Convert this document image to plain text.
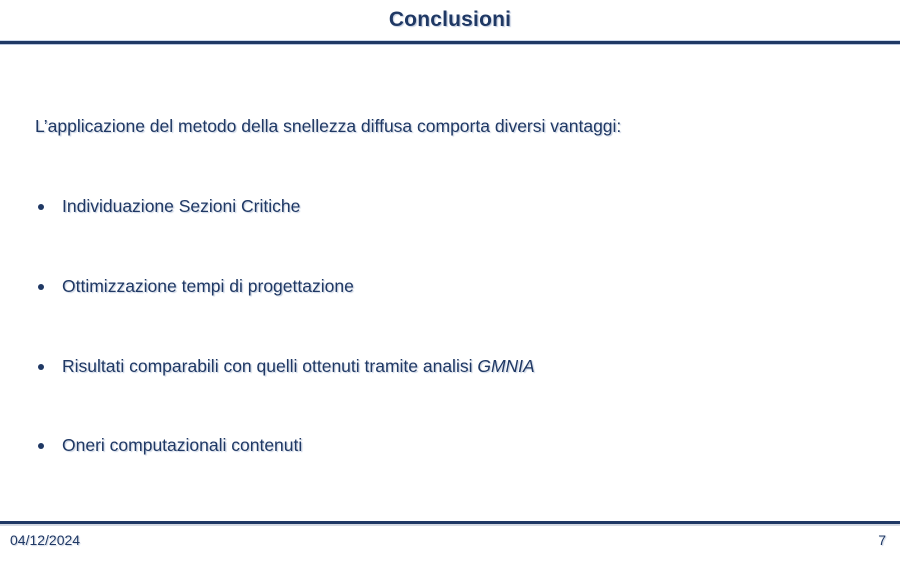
Conclusioni
L’applicazione del metodo della snellezza diffusa comporta diversi vantaggi:
Individuazione Sezioni Critiche
Ottimizzazione tempi di progettazione
Risultati comparabili con quelli ottenuti tramite analisi GMNIA
Oneri computazionali contenuti
04/12/2024	7
